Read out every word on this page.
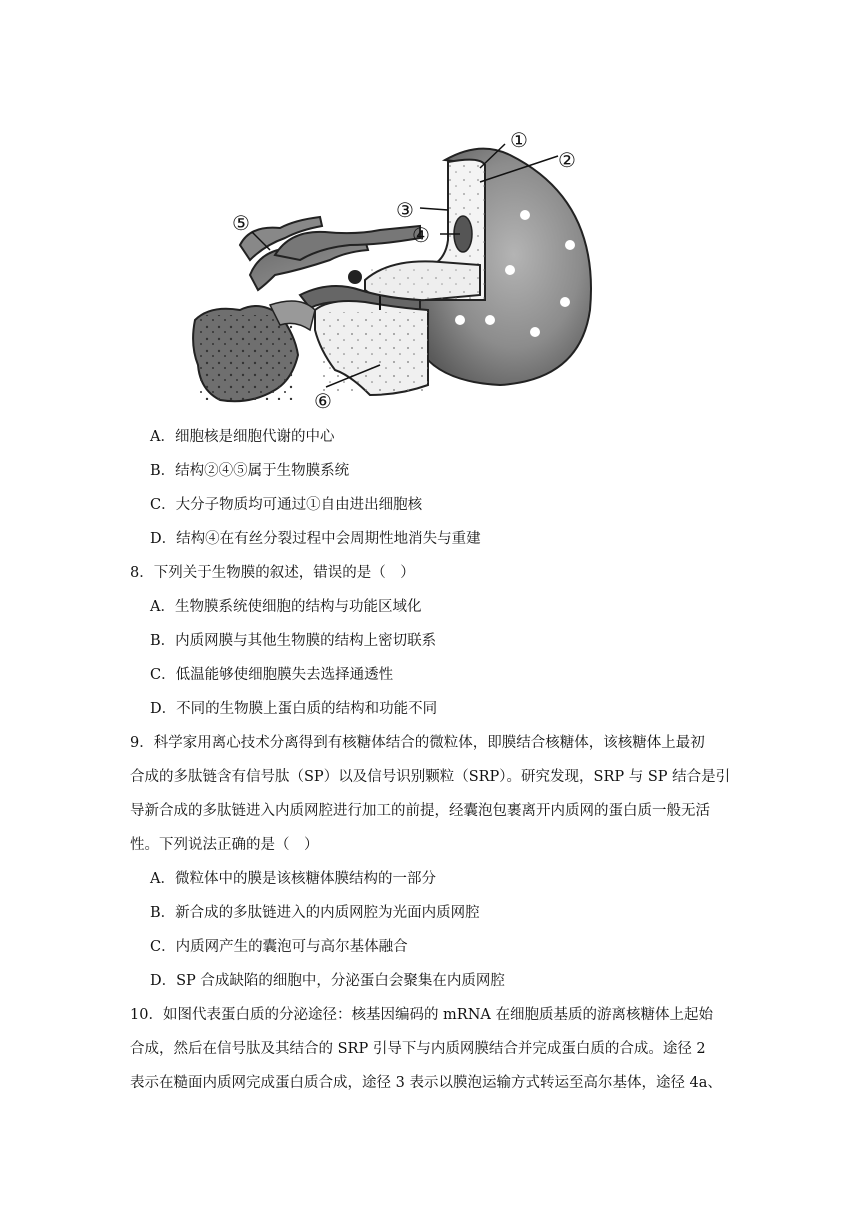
①
②
③
④
⑤
⑥
A．细胞核是细胞代谢的中心
B．结构②④⑤属于生物膜系统
C．大分子物质均可通过①自由进出细胞核
D．结构④在有丝分裂过程中会周期性地消失与重建
8．下列关于生物膜的叙述，错误的是（　）
A．生物膜系统使细胞的结构与功能区域化
B．内质网膜与其他生物膜的结构上密切联系
C．低温能够使细胞膜失去选择通透性
D．不同的生物膜上蛋白质的结构和功能不同
9．科学家用离心技术分离得到有核糖体结合的微粒体，即膜结合核糖体，该核糖体上最初
合成的多肽链含有信号肽（SP）以及信号识别颗粒（SRP）。研究发现，SRP 与 SP 结合是引
导新合成的多肽链进入内质网腔进行加工的前提，经囊泡包裹离开内质网的蛋白质一般无活
性。下列说法正确的是（　）
A．微粒体中的膜是该核糖体膜结构的一部分
B．新合成的多肽链进入的内质网腔为光面内质网腔
C．内质网产生的囊泡可与高尔基体融合
D．SP 合成缺陷的细胞中，分泌蛋白会聚集在内质网腔
10．如图代表蛋白质的分泌途径：核基因编码的 mRNA 在细胞质基质的游离核糖体上起始
合成，然后在信号肽及其结合的 SRP 引导下与内质网膜结合并完成蛋白质的合成。途径 2
表示在糙面内质网完成蛋白质合成，途径 3 表示以膜泡运输方式转运至高尔基体，途径 4a、
